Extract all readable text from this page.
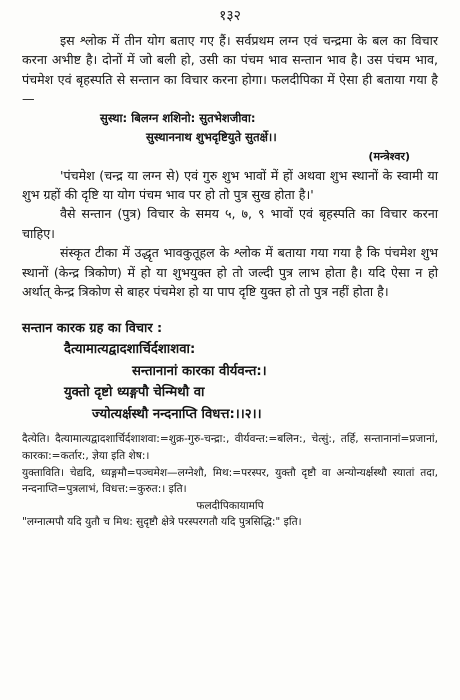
१३२

इस श्लोक में तीन योग बताए गए हैं। सर्वप्रथम लग्न एवं चन्द्रमा के बल का विचार करना अभीष्ट है। दोनों में जो बली हो, उसी का पंचम भाव सन्तान भाव है। उस पंचम भाव, पंचमेश एवं बृहस्पति से सन्तान का विचार करना होगा। फलदीपिका में ऐसा ही बताया गया है—

सुस्था: बिलग्न शशिनो: सुतभेशजीवा:
सुस्थाननाथ शुभदृष्टियुते सुतर्क्षे।।
(मन्त्रेश्वर)

'पंचमेश (चन्द्र या लग्न से) एवं गुरु शुभ भावों में हों अथवा शुभ स्थानों के स्वामी या शुभ ग्रहों की दृष्टि या योग पंचम भाव पर हो तो पुत्र सुख होता है।'

वैसे सन्तान (पुत्र) विचार के समय ५, ७, ९ भावों एवं बृहस्पति का विचार करना चाहिए।

संस्कृत टीका में उद्धृत भावकुतूहल के श्लोक में बताया गया गया है कि पंचमेश शुभ स्थानों (केन्द्र त्रिकोण) में हो या शुभयुक्त हो तो जल्दी पुत्र लाभ होता है। यदि ऐसा न हो अर्थात् केन्द्र त्रिकोण से बाहर पंचमेश हो या पाप दृष्टि युक्त हो तो पुत्र नहीं होता है।

सन्तान कारक ग्रह का विचार :
दैत्यामात्यद्वादशार्चिर्दशाशवा:
सन्तानानां कारका वीर्यवन्त:।
युक्तो दृष्टो ध्यङ्गपौ चेन्मिथौ वा
ज्योत्यर्क्षस्थौ नन्दनाप्ति विधत्त:।।२।।

दैत्येति। दैत्यामात्यद्वादशार्चिर्दशाशवा:=शुक्र-गुरु-चन्द्रा:, वीर्यवन्त:=बलिन:, चेत्सुं:, तर्हि, सन्तानानां=प्रजानां, कारका:=कर्तार:, ज्ञेया इति शेष:।

युक्ताविति। चेद्यदि, ध्यङ्गमौ=पञ्चमेश—लग्नेशौ, मिथ:=परस्पर, युक्तौ दृष्टौ वा अन्योन्यर्क्षस्थौ स्यातां तदा, नन्दनाप्ति=पुत्रलाभं, विधत्त:=कुरुत:। इति।

फलदीपिकायामपि

"लग्नात्मपौ यदि युतौ च मिथ: सुदृष्टौ क्षेत्रे परस्परगतौ यदि पुत्रसिद्धि:" इति।
